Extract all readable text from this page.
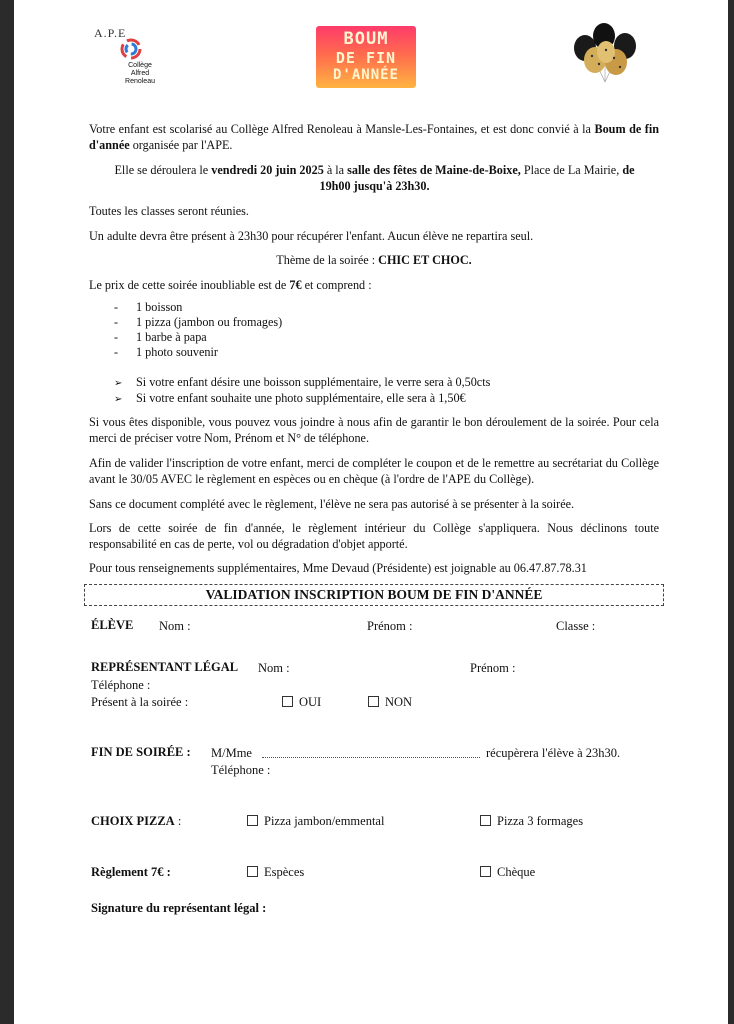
A.P.E
Collège
Alfred
Renoleau
BOUM
DE FIN
D'ANNÉE
Votre enfant est scolarisé au Collège Alfred Renoleau à Mansle-Les-Fontaines, et est donc convié à la Boum de fin d'année organisée par l'APE.
Elle se déroulera le vendredi 20 juin 2025 à la salle des fêtes de Maine-de-Boixe, Place de La Mairie, de 19h00 jusqu'à 23h30.
Toutes les classes seront réunies.
Un adulte devra être présent à 23h30 pour récupérer l'enfant. Aucun élève ne repartira seul.
Thème de la soirée : CHIC ET CHOC.
Le prix de cette soirée inoubliable est de 7€ et comprend :
- 1 boisson
- 1 pizza (jambon ou fromages)
- 1 barbe à papa
- 1 photo souvenir
➢ Si votre enfant désire une boisson supplémentaire, le verre sera à 0,50cts
➢ Si votre enfant souhaite une photo supplémentaire, elle sera à 1,50€
Si vous êtes disponible, vous pouvez vous joindre à nous afin de garantir le bon déroulement de la soirée. Pour cela merci de préciser votre Nom, Prénom et N° de téléphone.
Afin de valider l'inscription de votre enfant, merci de compléter le coupon et de le remettre au secrétariat du Collège avant le 30/05 AVEC le règlement en espèces ou en chèque (à l'ordre de l'APE du Collège).
Sans ce document complété avec le règlement, l'élève ne sera pas autorisé à se présenter à la soirée.
Lors de cette soirée de fin d'année, le règlement intérieur du Collège s'appliquera. Nous déclinons toute responsabilité en cas de perte, vol ou dégradation d'objet apporté.
Pour tous renseignements supplémentaires, Mme Devaud (Présidente) est joignable au 06.47.87.78.31
VALIDATION INSCRIPTION BOUM DE FIN D'ANNÉE
ÉLÈVE Nom :	Prénom :	Classe :
REPRÉSENTANT LÉGAL Nom :	Prénom :
Téléphone :
Présent à la soirée :	OUI	NON
FIN DE SOIRÉE : M/Mme	récupèrera l'élève à 23h30.
Téléphone :
CHOIX PIZZA :	Pizza jambon/emmental	Pizza 3 formages
Règlement 7€ :	Espèces	Chèque
Signature du représentant légal :
